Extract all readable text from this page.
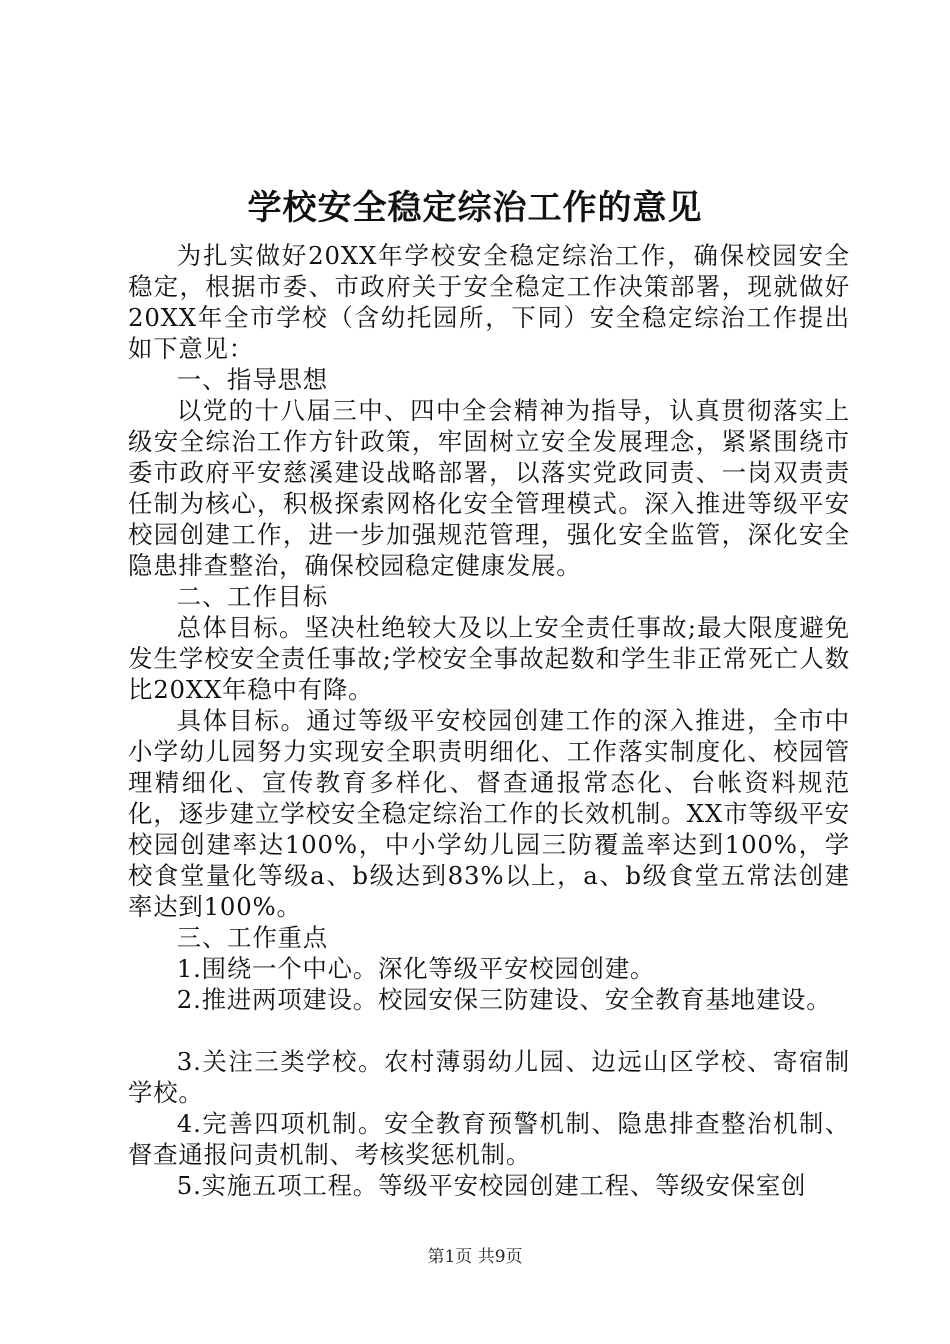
学校安全稳定综治工作的意见

为扎实做好20XX年学校安全稳定综治工作，确保校园安全稳定，根据市委、市政府关于安全稳定工作决策部署，现就做好20XX年全市学校（含幼托园所，下同）安全稳定综治工作提出如下意见：

一、指导思想

以党的十八届三中、四中全会精神为指导，认真贯彻落实上级安全综治工作方针政策，牢固树立安全发展理念，紧紧围绕市委市政府平安慈溪建设战略部署，以落实党政同责、一岗双责责任制为核心，积极探索网格化安全管理模式。深入推进等级平安校园创建工作，进一步加强规范管理，强化安全监管，深化安全隐患排查整治，确保校园稳定健康发展。

二、工作目标

总体目标。坚决杜绝较大及以上安全责任事故;最大限度避免发生学校安全责任事故;学校安全事故起数和学生非正常死亡人数比20XX年稳中有降。

具体目标。通过等级平安校园创建工作的深入推进，全市中小学幼儿园努力实现安全职责明细化、工作落实制度化、校园管理精细化、宣传教育多样化、督查通报常态化、台帐资料规范化，逐步建立学校安全稳定综治工作的长效机制。XX市等级平安校园创建率达100%，中小学幼儿园三防覆盖率达到100%，学校食堂量化等级a、b级达到83%以上，a、b级食堂五常法创建率达到100%。

三、工作重点

1.围绕一个中心。深化等级平安校园创建。

2.推进两项建设。校园安保三防建设、安全教育基地建设。

3.关注三类学校。农村薄弱幼儿园、边远山区学校、寄宿制学校。

4.完善四项机制。安全教育预警机制、隐患排查整治机制、督查通报问责机制、考核奖惩机制。

5.实施五项工程。等级平安校园创建工程、等级安保室创

第1页 共9页
